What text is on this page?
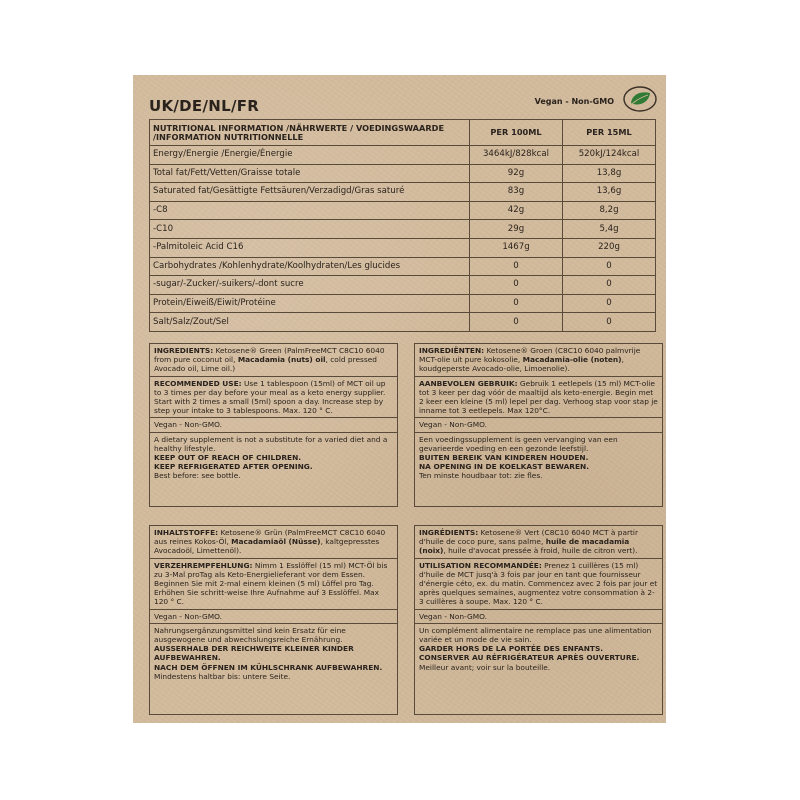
UK/DE/NL/FR	Vegan - Non-GMO
NUTRITIONAL INFORMATION /NÄHRWERTE / VOEDINGSWAARDE /INFORMATION NUTRITIONNELLE	PER 100ML	PER 15ML
Energy/Energie /Energie/Énergie	3464kJ/828kcal	520kJ/124kcal
Total fat/Fett/Vetten/Graisse totale	92g	13,8g
Saturated fat/Gesättigte Fettsäuren/Verzadigd/Gras saturé	83g	13,6g
-C8	42g	8,2g
-C10	29g	5,4g
-Palmitoleic Acid C16	1467g	220g
Carbohydrates /Kohlenhydrate/Koolhydraten/Les glucides	0	0
-sugar/-Zucker/-suikers/-dont sucre	0	0
Protein/Eiweiß/Eiwit/Protéine	0	0
Salt/Salz/Zout/Sel	0	0
INGREDIENTS: Ketosene® Green (PalmFreeMCT C8C10 6040 from pure coconut oil, Macadamia (nuts) oil, cold pressed Avocado oil, Lime oil.)
RECOMMENDED USE: Use 1 tablespoon (15ml) of MCT oil up to 3 times per day before your meal as a keto energy supplier. Start with 2 times a small (5ml) spoon a day. Increase step by step your intake to 3 tablespoons. Max. 120 ° C.
Vegan - Non-GMO.
A dietary supplement is not a substitute for a varied diet and a healthy lifestyle.
KEEP OUT OF REACH OF CHILDREN.
KEEP REFRIGERATED AFTER OPENING.
Best before: see bottle.
INGREDIËNTEN: Ketosene® Groen (C8C10 6040 palmvrije MCT-olie uit pure kokosolie, Macadamia-olie (noten), koudgeperste Avocado-olie, Limoenolie).
AANBEVOLEN GEBRUIK: Gebruik 1 eetlepels (15 ml) MCT-olie tot 3 keer per dag vóór de maaltijd als keto-energie. Begin met 2 keer een kleine (5 ml) lepel per dag. Verhoog stap voor stap je inname tot 3 eetlepels. Max 120°C.
Vegan - Non-GMO.
Een voedingssupplement is geen vervanging van een gevarieerde voeding en een gezonde leefstijl.
BUITEN BEREIK VAN KINDEREN HOUDEN.
NA OPENING IN DE KOELKAST BEWAREN.
Ten minste houdbaar tot: zie fles.
INHALTSTOFFE: Ketosene® Grün (PalmFreeMCT C8C10 6040 aus reines Kokos-Öl, Macadamiaöl (Nüsse), kaltgepresstes Avocadoöl, Limettenöl).
VERZEHREMPFEHLUNG: Nimm 1 Esslöffel (15 ml) MCT-Öl bis zu 3-Mal proTag als Keto-Energielieferant vor dem Essen. Beginnen Sie mit 2-mal einem kleinen (5 ml) Löffel pro Tag. Erhöhen Sie schritt-weise Ihre Aufnahme auf 3 Esslöffel. Max 120 ° C.
Vegan - Non-GMO.
Nahrungsergänzungsmittel sind kein Ersatz für eine ausgewogene und abwechslungsreiche Ernährung.
AUSSERHALB DER REICHWEITE KLEINER KINDER AUFBEWAHREN.
NACH DEM ÖFFNEN IM KÜHLSCHRANK AUFBEWAHREN.
Mindestens haltbar bis: untere Seite.
INGRÉDIENTS: Ketosene® Vert (C8C10 6040 MCT à partir d'huile de coco pure, sans palme, huile de macadamia (noix), huile d'avocat pressée à froid, huile de citron vert).
UTILISATION RECOMMANDÉE: Prenez 1 cuillères (15 ml) d'huile de MCT jusq'à 3 fois par jour en tant que fournisseur d'énergie céto, ex. du matin. Commencez avec 2 fois par jour et après quelques semaines, augmentez votre consommation à 2-3 cuillères à soupe. Max. 120 ° C.
Vegan - Non-GMO.
Un complément alimentaire ne remplace pas une alimentation variée et un mode de vie sain.
GARDER HORS DE LA PORTÉE DES ENFANTS.
CONSERVER AU RÉFRIGÉRATEUR APRÈS OUVERTURE.
Meilleur avant; voir sur la bouteille.
